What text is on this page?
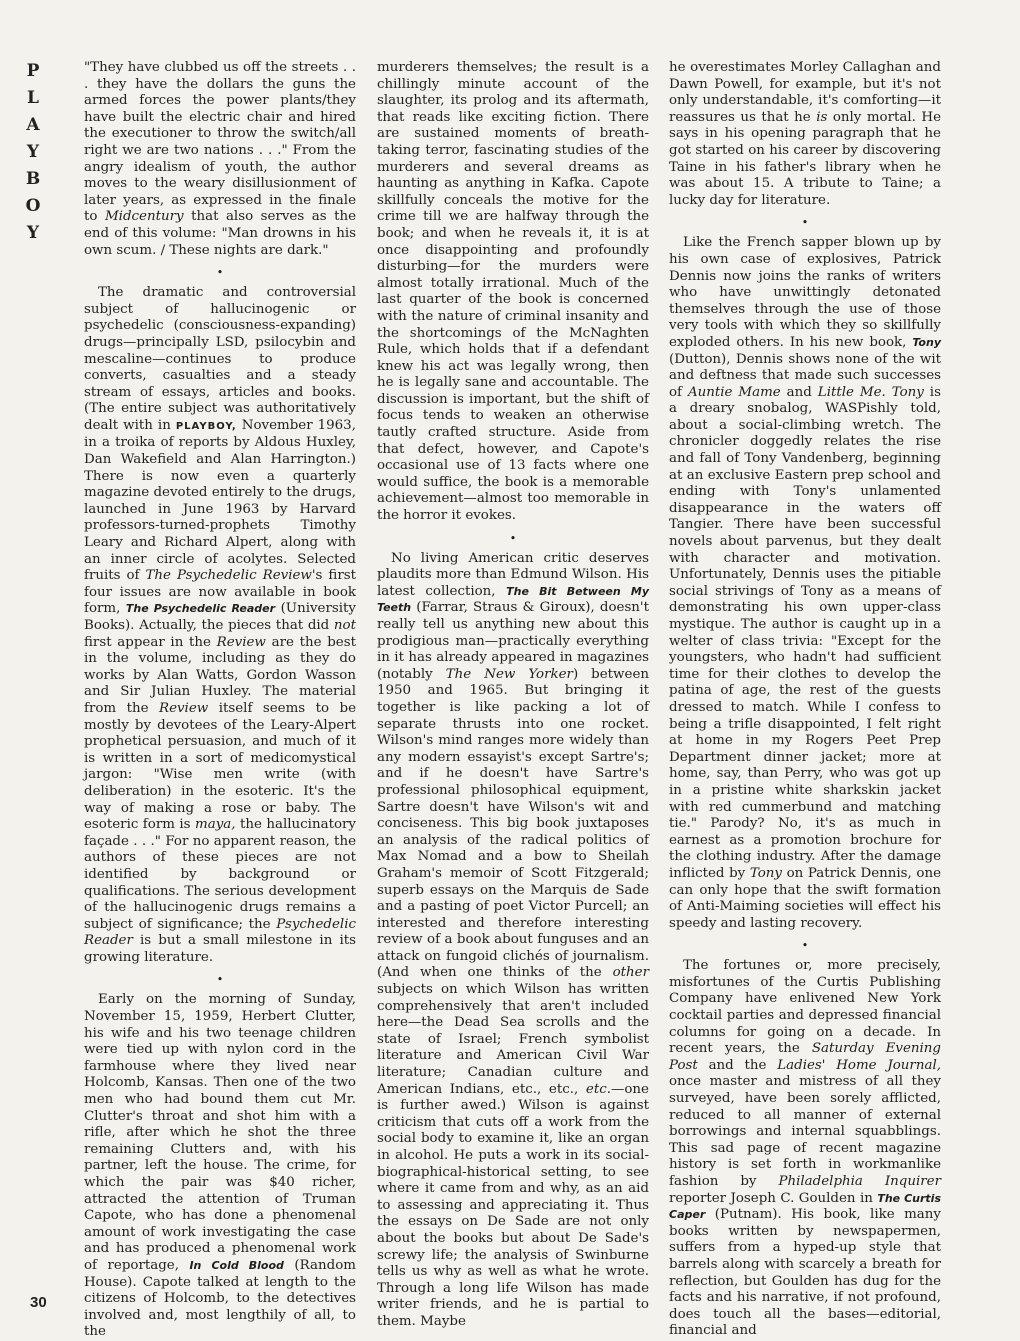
P
L
A
Y
B
O
Y
30

"They have clubbed us off the streets . . . they have the dollars the guns the armed forces the power plants/they have built the electric chair and hired the executioner to throw the switch/all right we are two nations . . ." From the angry idealism of youth, the author moves to the weary disillusionment of later years, as expressed in the finale to Midcentury that also serves as the end of this volume: "Man drowns in his own scum. / These nights are dark."

•

The dramatic and controversial subject of hallucinogenic or psychedelic (consciousness-expanding) drugs—principally LSD, psilocybin and mescaline—continues to produce converts, casualties and a steady stream of essays, articles and books. (The entire subject was authoritatively dealt with in PLAYBOY, November 1963, in a troika of reports by Aldous Huxley, Dan Wakefield and Alan Harrington.) There is now even a quarterly magazine devoted entirely to the drugs, launched in June 1963 by Harvard professors-turned-prophets Timothy Leary and Richard Alpert, along with an inner circle of acolytes. Selected fruits of The Psychedelic Review's first four issues are now available in book form, The Psychedelic Reader (University Books). Actually, the pieces that did not first appear in the Review are the best in the volume, including as they do works by Alan Watts, Gordon Wasson and Sir Julian Huxley. The material from the Review itself seems to be mostly by devotees of the Leary-Alpert prophetical persuasion, and much of it is written in a sort of medicomystical jargon: "Wise men write (with deliberation) in the esoteric. It's the way of making a rose or baby. The esoteric form is maya, the hallucinatory façade . . ." For no apparent reason, the authors of these pieces are not identified by background or qualifications. The serious development of the hallucinogenic drugs remains a subject of significance; the Psychedelic Reader is but a small milestone in its growing literature.

•

Early on the morning of Sunday, November 15, 1959, Herbert Clutter, his wife and his two teenage children were tied up with nylon cord in the farmhouse where they lived near Holcomb, Kansas. Then one of the two men who had bound them cut Mr. Clutter's throat and shot him with a rifle, after which he shot the three remaining Clutters and, with his partner, left the house. The crime, for which the pair was $40 richer, attracted the attention of Truman Capote, who has done a phenomenal amount of work investigating the case and has produced a phenomenal work of reportage, In Cold Blood (Random House). Capote talked at length to the citizens of Holcomb, to the detectives involved and, most lengthily of all, to the

murderers themselves; the result is a chillingly minute account of the slaughter, its prolog and its aftermath, that reads like exciting fiction. There are sustained moments of breath-taking terror, fascinating studies of the murderers and several dreams as haunting as anything in Kafka. Capote skillfully conceals the motive for the crime till we are halfway through the book; and when he reveals it, it is at once disappointing and profoundly disturbing—for the murders were almost totally irrational. Much of the last quarter of the book is concerned with the nature of criminal insanity and the shortcomings of the McNaghten Rule, which holds that if a defendant knew his act was legally wrong, then he is legally sane and accountable. The discussion is important, but the shift of focus tends to weaken an otherwise tautly crafted structure. Aside from that defect, however, and Capote's occasional use of 13 facts where one would suffice, the book is a memorable achievement—almost too memorable in the horror it evokes.

•

No living American critic deserves plaudits more than Edmund Wilson. His latest collection, The Bit Between My Teeth (Farrar, Straus & Giroux), doesn't really tell us anything new about this prodigious man—practically everything in it has already appeared in magazines (notably The New Yorker) between 1950 and 1965. But bringing it together is like packing a lot of separate thrusts into one rocket. Wilson's mind ranges more widely than any modern essayist's except Sartre's; and if he doesn't have Sartre's professional philosophical equipment, Sartre doesn't have Wilson's wit and conciseness. This big book juxtaposes an analysis of the radical politics of Max Nomad and a bow to Sheilah Graham's memoir of Scott Fitzgerald; superb essays on the Marquis de Sade and a pasting of poet Victor Purcell; an interested and therefore interesting review of a book about funguses and an attack on fungoid clichés of journalism. (And when one thinks of the other subjects on which Wilson has written comprehensively that aren't included here—the Dead Sea scrolls and the state of Israel; French symbolist literature and American Civil War literature; Canadian culture and American Indians, etc., etc., etc.—one is further awed.) Wilson is against criticism that cuts off a work from the social body to examine it, like an organ in alcohol. He puts a work in its social-biographical-historical setting, to see where it came from and why, as an aid to assessing and appreciating it. Thus the essays on De Sade are not only about the books but about De Sade's screwy life; the analysis of Swinburne tells us why as well as what he wrote. Through a long life Wilson has made writer friends, and he is partial to them. Maybe

he overestimates Morley Callaghan and Dawn Powell, for example, but it's not only understandable, it's comforting—it reassures us that he is only mortal. He says in his opening paragraph that he got started on his career by discovering Taine in his father's library when he was about 15. A tribute to Taine; a lucky day for literature.

•

Like the French sapper blown up by his own case of explosives, Patrick Dennis now joins the ranks of writers who have unwittingly detonated themselves through the use of those very tools with which they so skillfully exploded others. In his new book, Tony (Dutton), Dennis shows none of the wit and deftness that made such successes of Auntie Mame and Little Me. Tony is a dreary snobalog, WASPishly told, about a social-climbing wretch. The chronicler doggedly relates the rise and fall of Tony Vandenberg, beginning at an exclusive Eastern prep school and ending with Tony's unlamented disappearance in the waters off Tangier. There have been successful novels about parvenus, but they dealt with character and motivation. Unfortunately, Dennis uses the pitiable social strivings of Tony as a means of demonstrating his own upper-class mystique. The author is caught up in a welter of class trivia: "Except for the youngsters, who hadn't had sufficient time for their clothes to develop the patina of age, the rest of the guests dressed to match. While I confess to being a trifle disappointed, I felt right at home in my Rogers Peet Prep Department dinner jacket; more at home, say, than Perry, who was got up in a pristine white sharkskin jacket with red cummerbund and matching tie." Parody? No, it's as much in earnest as a promotion brochure for the clothing industry. After the damage inflicted by Tony on Patrick Dennis, one can only hope that the swift formation of Anti-Maiming societies will effect his speedy and lasting recovery.

•

The fortunes or, more precisely, misfortunes of the Curtis Publishing Company have enlivened New York cocktail parties and depressed financial columns for going on a decade. In recent years, the Saturday Evening Post and the Ladies' Home Journal, once master and mistress of all they surveyed, have been sorely afflicted, reduced to all manner of external borrowings and internal squabblings. This sad page of recent magazine history is set forth in workmanlike fashion by Philadelphia Inquirer reporter Joseph C. Goulden in The Curtis Caper (Putnam). His book, like many books written by newspapermen, suffers from a hyped-up style that barrels along with scarcely a breath for reflection, but Goulden has dug for the facts and his narrative, if not profound, does touch all the bases—editorial, financial and
